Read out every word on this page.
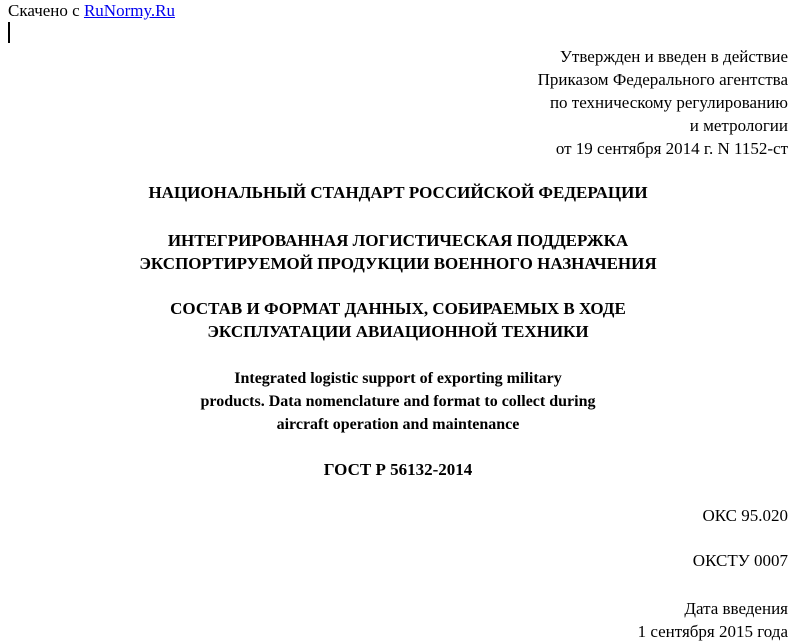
Скачено с RuNormy.Ru
Утвержден и введен в действие
Приказом Федерального агентства
по техническому регулированию
и метрологии
от 19 сентября 2014 г. N 1152-ст
НАЦИОНАЛЬНЫЙ СТАНДАРТ РОССИЙСКОЙ ФЕДЕРАЦИИ
ИНТЕГРИРОВАННАЯ ЛОГИСТИЧЕСКАЯ ПОДДЕРЖКА
ЭКСПОРТИРУЕМОЙ ПРОДУКЦИИ ВОЕННОГО НАЗНАЧЕНИЯ
СОСТАВ И ФОРМАТ ДАННЫХ, СОБИРАЕМЫХ В ХОДЕ
ЭКСПЛУАТАЦИИ АВИАЦИОННОЙ ТЕХНИКИ
Integrated logistic support of exporting military
products. Data nomenclature and format to collect during
aircraft operation and maintenance
ГОСТ Р 56132-2014
ОКС 95.020
ОКСТУ 0007
Дата введения
1 сентября 2015 года
